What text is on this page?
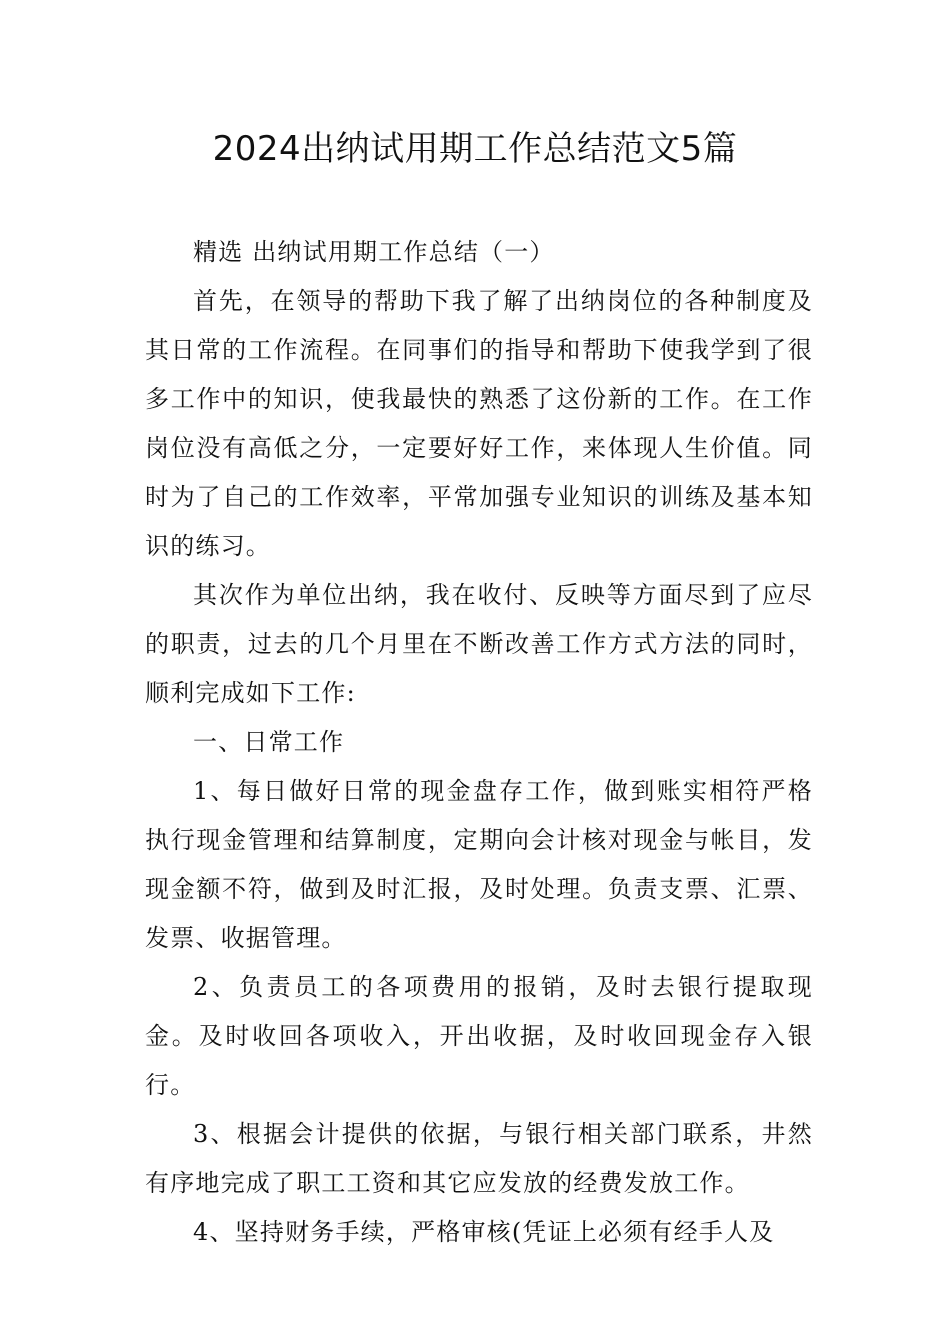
2024出纳试用期工作总结范文5篇

精选 出纳试用期工作总结（一）

首先，在领导的帮助下我了解了出纳岗位的各种制度及其日常的工作流程。在同事们的指导和帮助下使我学到了很多工作中的知识，使我最快的熟悉了这份新的工作。在工作岗位没有高低之分，一定要好好工作，来体现人生价值。同时为了自己的工作效率，平常加强专业知识的训练及基本知识的练习。

其次作为单位出纳，我在收付、反映等方面尽到了应尽的职责，过去的几个月里在不断改善工作方式方法的同时，顺利完成如下工作:

一、日常工作

1、每日做好日常的现金盘存工作，做到账实相符严格执行现金管理和结算制度，定期向会计核对现金与帐目，发现金额不符，做到及时汇报，及时处理。负责支票、汇票、发票、收据管理。

2、负责员工的各项费用的报销，及时去银行提取现金。及时收回各项收入，开出收据，及时收回现金存入银行。

3、根据会计提供的依据，与银行相关部门联系，井然有序地完成了职工工资和其它应发放的经费发放工作。

4、坚持财务手续，严格审核(凭证上必须有经手人及
